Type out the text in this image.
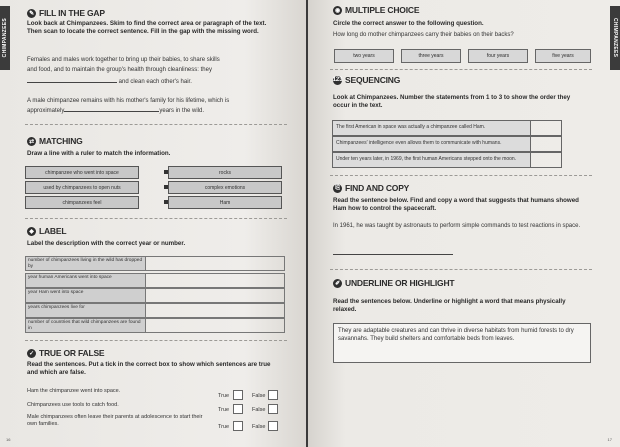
CHIMPANZEES
✎ FILL IN THE GAP
Look back at Chimpanzees. Skim to find the correct area or paragraph of the text. Then scan to locate the correct sentence. Fill in the gap with the missing word.
Females and males work together to bring up their babies, to share skills
and food, and to maintain the group's health through cleanliness: they
and clean each other's hair.
A male chimpanzee remains with his mother's family for his lifetime, which is
approximately	years in the wild.
⇄ MATCHING
Draw a line with a ruler to match the information.
chimpanzee who went into space
used by chimpanzees to open nuts
chimpanzees feel
rocks
complex emotions
Ham
◆ LABEL
Label the description with the correct year or number.
number of chimpanzees living in the wild has dropped by
year human Americans went into space
year Ham went into space
years chimpanzees live for
number of countries that wild chimpanzees are found in
✓ TRUE OR FALSE
Read the sentences. Put a tick in the correct box to show which sentences are true and which are false.
Ham the chimpanzee went into space.
True	False
Chimpanzees use tools to catch food.
True	False
Male chimpanzees often leave their parents at adolescence to start their own families.	True	False
16
CHIMPANZEES
17
◉ MULTIPLE CHOICE
Circle the correct answer to the following question.
How long do mother chimpanzees carry their babies on their backs?
two years	three years	four years	five years
123 SEQUENCING
Look at Chimpanzees. Number the statements from 1 to 3 to show the order they occur in the text.
The first American in space was actually a chimpanzee called Ham.
Chimpanzees' intelligence even allows them to communicate with humans.
Under ten years later, in 1969, the first human Americans stepped onto the moon.
⎘ FIND AND COPY
Read the sentence below. Find and copy a word that suggests that humans showed Ham how to control the spacecraft.
In 1961, he was taught by astronauts to perform simple commands to test reactions in space.
✐ UNDERLINE OR HIGHLIGHT
Read the sentences below. Underline or highlight a word that means physically relaxed.
They are adaptable creatures and can thrive in diverse habitats from humid forests to dry savannahs. They build shelters and comfortable beds from leaves.
